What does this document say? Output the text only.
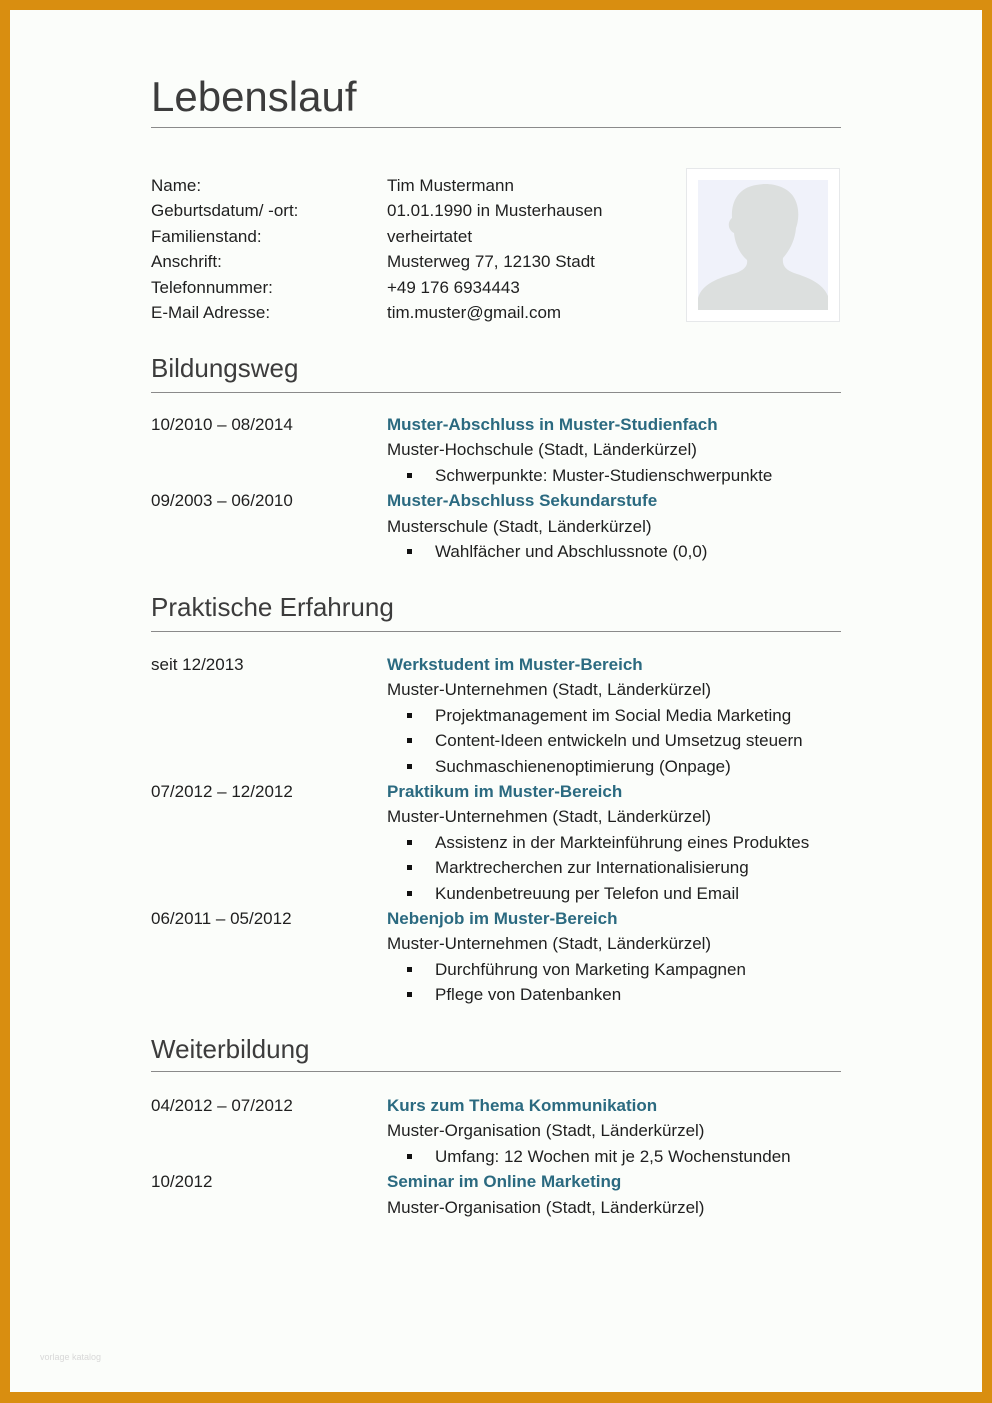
Lebenslauf
Name:	Tim Mustermann
Geburtsdatum/ -ort:	01.01.1990 in Musterhausen
Familienstand:	verheirtatet
Anschrift:	Musterweg 77, 12130 Stadt
Telefonnummer:	+49 176 6934443
E-Mail Adresse:	tim.muster@gmail.com
Bildungsweg
10/2010 – 08/2014	Muster-Abschluss in Muster-Studienfach
Muster-Hochschule (Stadt, Länderkürzel)
Schwerpunkte: Muster-Studienschwerpunkte
09/2003 – 06/2010	Muster-Abschluss Sekundarstufe
Musterschule (Stadt, Länderkürzel)
Wahlfächer und Abschlussnote (0,0)
Praktische Erfahrung
seit 12/2013	Werkstudent im Muster-Bereich
Muster-Unternehmen (Stadt, Länderkürzel)
Projektmanagement im Social Media Marketing
Content-Ideen entwickeln und Umsetzug steuern
Suchmaschienenoptimierung (Onpage)
07/2012 – 12/2012	Praktikum im Muster-Bereich
Muster-Unternehmen (Stadt, Länderkürzel)
Assistenz in der Markteinführung eines Produktes
Marktrecherchen zur Internationalisierung
Kundenbetreuung per Telefon und Email
06/2011 – 05/2012	Nebenjob im Muster-Bereich
Muster-Unternehmen (Stadt, Länderkürzel)
Durchführung von Marketing Kampagnen
Pflege von Datenbanken
Weiterbildung
04/2012 – 07/2012	Kurs zum Thema Kommunikation
Muster-Organisation (Stadt, Länderkürzel)
Umfang: 12 Wochen mit je 2,5 Wochenstunden
10/2012	Seminar im Online Marketing
Muster-Organisation (Stadt, Länderkürzel)
vorlage katalog
